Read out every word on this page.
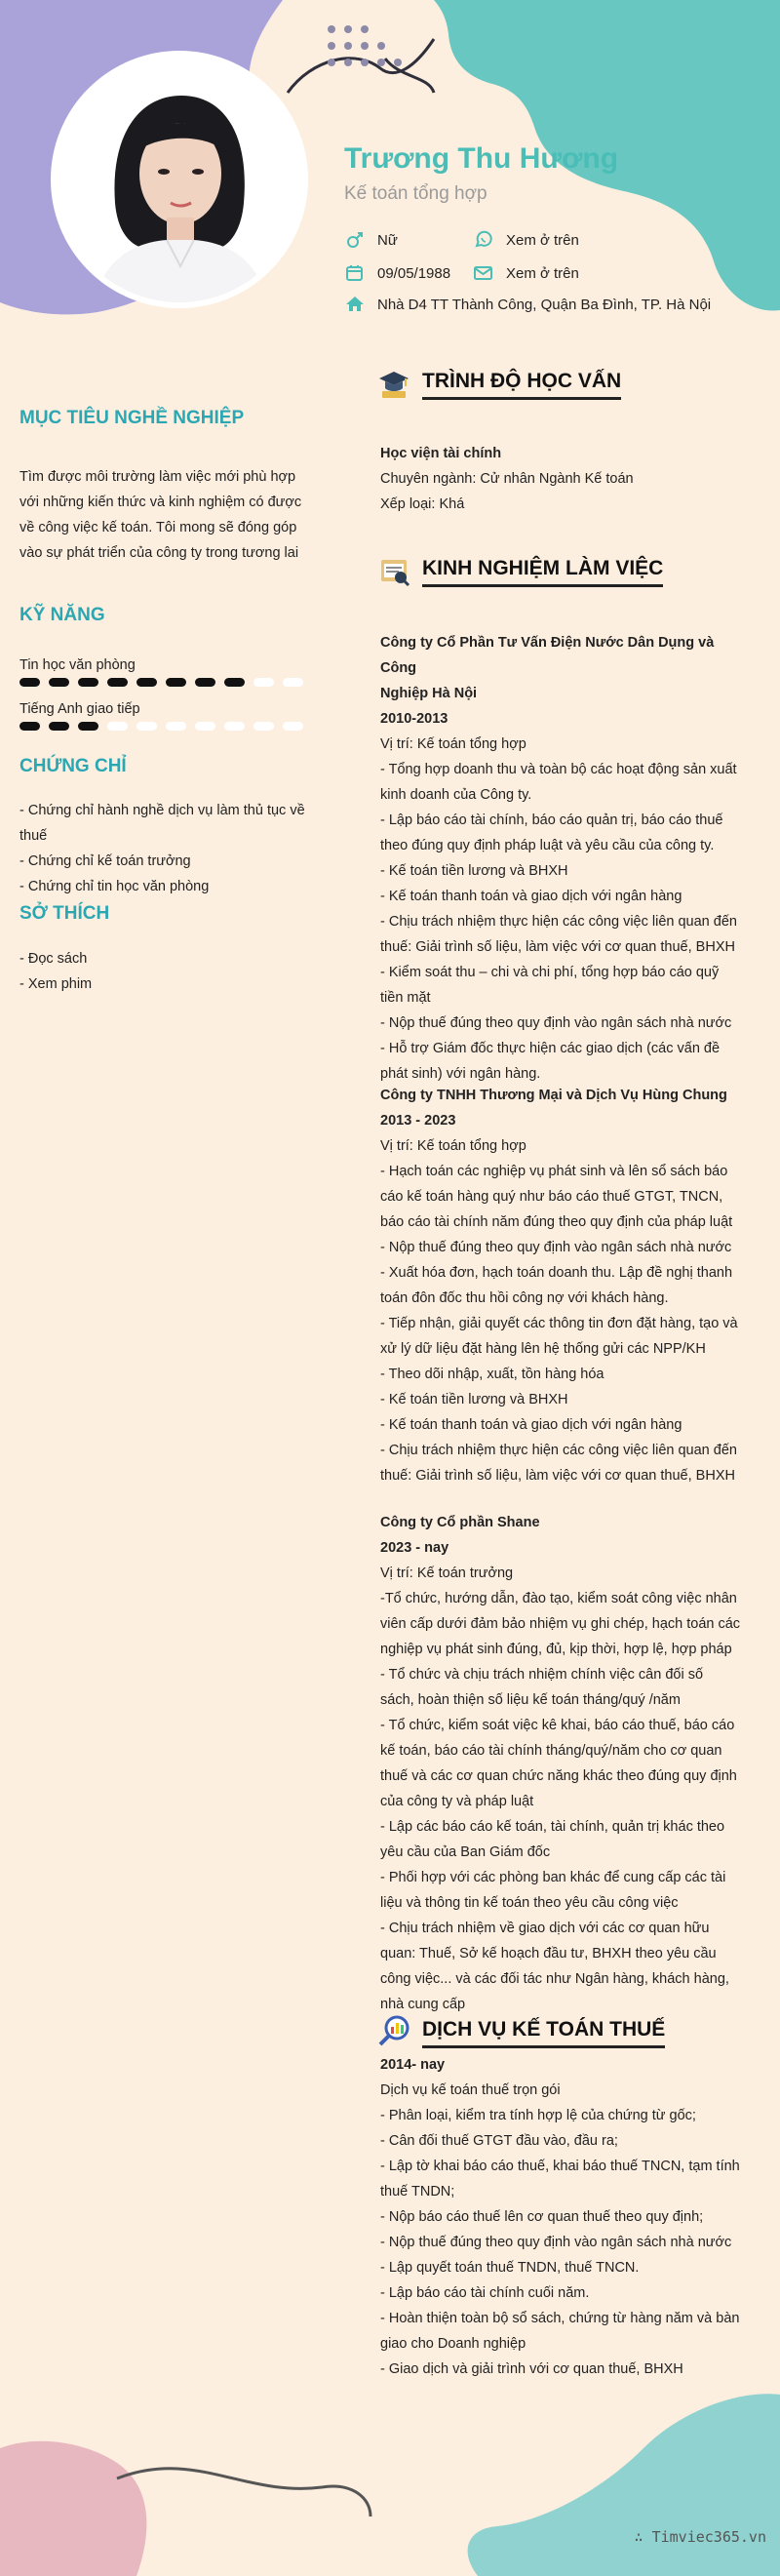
Trương Thu Hương
Kế toán tổng hợp
Nữ	Xem ở trên
09/05/1988	Xem ở trên
Nhà D4 TT Thành Công, Quận Ba Đình, TP. Hà Nội
MỤC TIÊU NGHỀ NGHIỆP
Tìm được môi trường làm việc mới phù hợp
với những kiến thức và kinh nghiệm có được
về công việc kế toán. Tôi mong sẽ đóng góp
vào sự phát triển của công ty trong tương lai
KỸ NĂNG
Tin học văn phòng
Tiếng Anh giao tiếp
CHỨNG CHỈ
- Chứng chỉ hành nghề dịch vụ làm thủ tục về
thuế
- Chứng chỉ kế toán trưởng
- Chứng chỉ tin học văn phòng
SỞ THÍCH
- Đọc sách
- Xem phim
TRÌNH ĐỘ HỌC VẤN
Học viện tài chính
Chuyên ngành: Cử nhân Ngành Kế toán
Xếp loại: Khá
KINH NGHIỆM LÀM VIỆC
Công ty Cổ Phần Tư Vấn Điện Nước Dân Dụng và Công
Nghiệp Hà Nội
2010-2013
Vị trí: Kế toán tổng hợp
- Tổng hợp doanh thu và toàn bộ các hoạt động sản xuất
kinh doanh của Công ty.
- Lập báo cáo tài chính, báo cáo quản trị, báo cáo thuế
theo đúng quy định pháp luật và yêu cầu của công ty.
- Kế toán tiền lương và BHXH
- Kế toán thanh toán và giao dịch với ngân hàng
- Chịu trách nhiệm thực hiện các công việc liên quan đến
thuế: Giải trình số liệu, làm việc với cơ quan thuế, BHXH
- Kiểm soát thu – chi và chi phí, tổng hợp báo cáo quỹ
tiền mặt
- Nộp thuế đúng theo quy định vào ngân sách nhà nước
- Hỗ trợ Giám đốc thực hiện các giao dịch (các vấn đề
phát sinh) với ngân hàng.
Công ty TNHH Thương Mại và Dịch Vụ Hùng Chung
2013 - 2023
Vị trí: Kế toán tổng hợp
- Hạch toán các nghiệp vụ phát sinh và lên sổ sách báo
cáo kế toán hàng quý như báo cáo thuế GTGT, TNCN,
báo cáo tài chính năm đúng theo quy định của pháp luật
- Nộp thuế đúng theo quy định vào ngân sách nhà nước
- Xuất hóa đơn, hạch toán doanh thu. Lập đề nghị thanh
toán đôn đốc thu hồi công nợ với khách hàng.
- Tiếp nhận, giải quyết các thông tin đơn đặt hàng, tạo và
xử lý dữ liệu đặt hàng lên hệ thống gửi các NPP/KH
- Theo dõi nhập, xuất, tồn hàng hóa
- Kế toán tiền lương và BHXH
- Kế toán thanh toán và giao dịch với ngân hàng
- Chịu trách nhiệm thực hiện các công việc liên quan đến
thuế: Giải trình số liệu, làm việc với cơ quan thuế, BHXH
Công ty Cổ phần Shane
2023 - nay
Vị trí: Kế toán trưởng
-Tổ chức, hướng dẫn, đào tạo, kiểm soát công việc nhân
viên cấp dưới đảm bảo nhiệm vụ ghi chép, hạch toán các
nghiệp vụ phát sinh đúng, đủ, kịp thời, hợp lệ, hợp pháp
- Tổ chức và chịu trách nhiệm chính việc cân đối số
sách, hoàn thiện số liệu kế toán tháng/quý /năm
- Tổ chức, kiểm soát việc kê khai, báo cáo thuế, báo cáo
kế toán, báo cáo tài chính tháng/quý/năm cho cơ quan
thuế và các cơ quan chức năng khác theo đúng quy định
của công ty và pháp luật
- Lập các báo cáo kế toán, tài chính, quản trị khác theo
yêu cầu của Ban Giám đốc
- Phối hợp với các phòng ban khác để cung cấp các tài
liệu và thông tin kế toán theo yêu cầu công việc
- Chịu trách nhiệm về giao dịch với các cơ quan hữu
quan: Thuế, Sở kế hoạch đầu tư, BHXH theo yêu cầu
công việc... và các đối tác như Ngân hàng, khách hàng,
nhà cung cấp
DỊCH VỤ KẾ TOÁN THUẾ
2014- nay
Dịch vụ kế toán thuế trọn gói
- Phân loại, kiểm tra tính hợp lệ của chứng từ gốc;
- Cân đối thuế GTGT đầu vào, đầu ra;
- Lập tờ khai báo cáo thuế, khai báo thuế TNCN, tạm tính
thuế TNDN;
- Nộp báo cáo thuế lên cơ quan thuế theo quy định;
- Nộp thuế đúng theo quy định vào ngân sách nhà nước
- Lập quyết toán thuế TNDN, thuế TNCN.
- Lập báo cáo tài chính cuối năm.
- Hoàn thiện toàn bộ sổ sách, chứng từ hàng năm và bàn
giao cho Doanh nghiệp
- Giao dịch và giải trình với cơ quan thuế, BHXH
∴ Timviec365.vn
